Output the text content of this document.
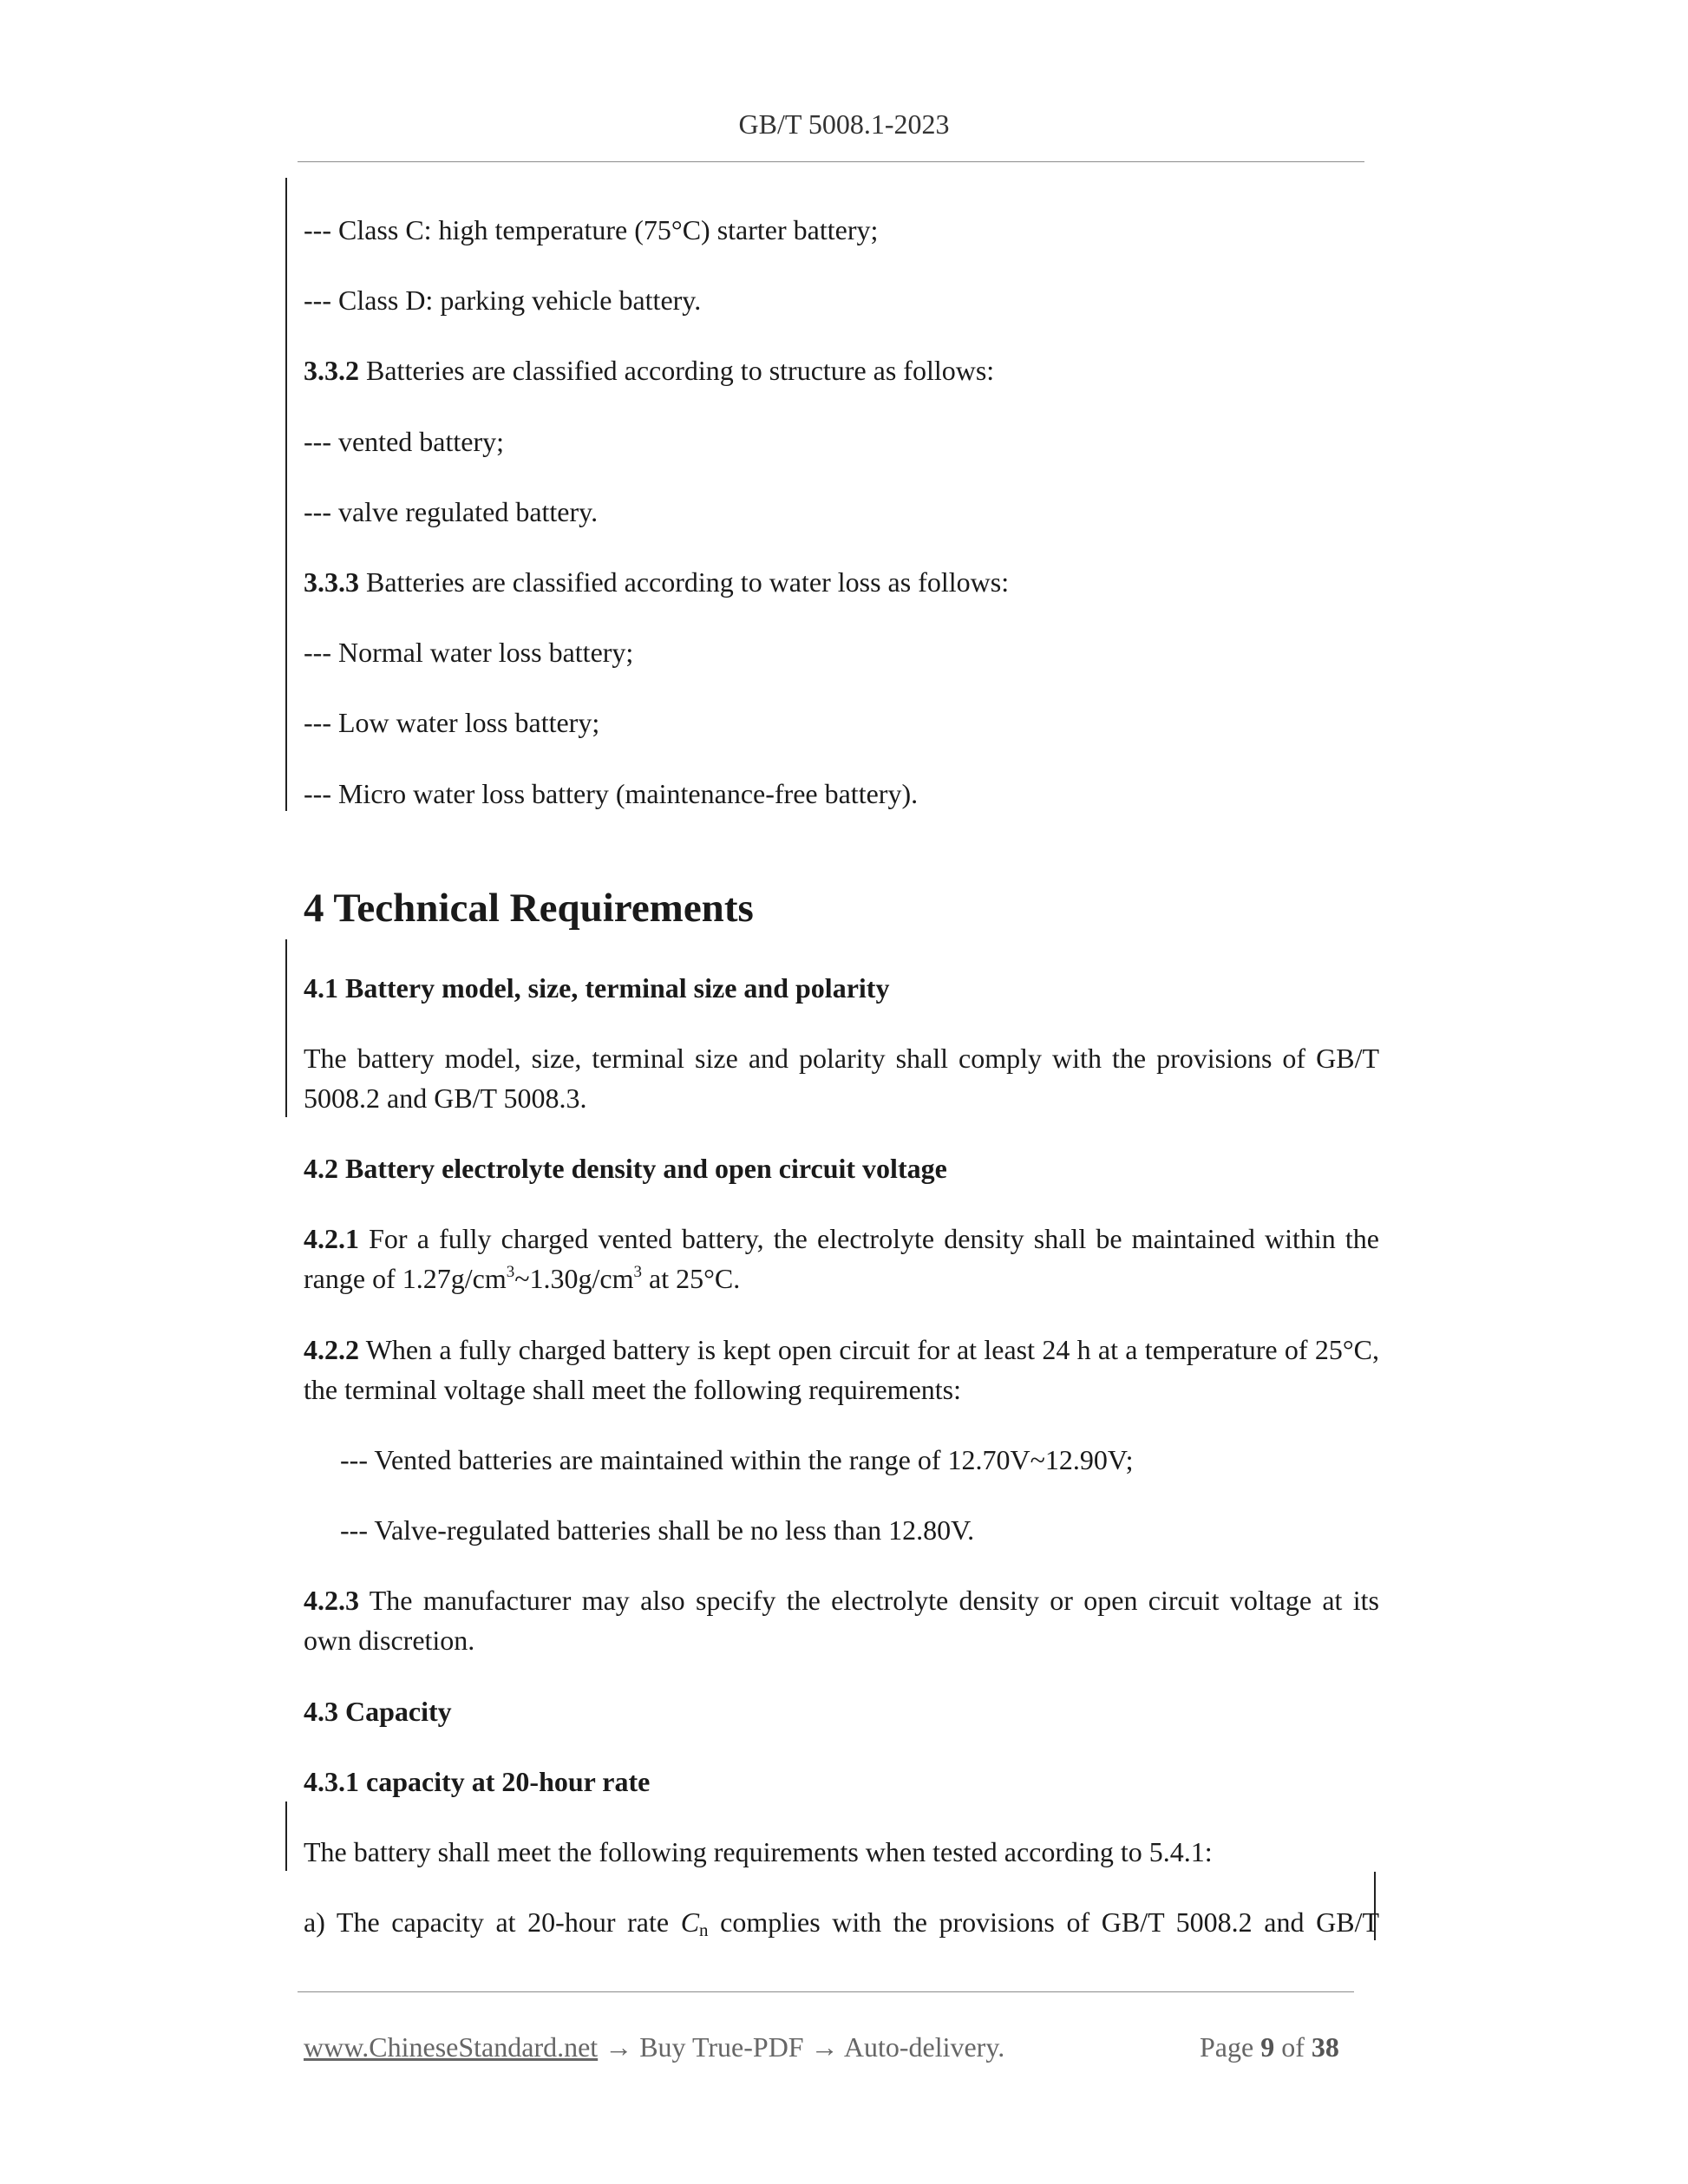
GB/T 5008.1-2023
--- Class C: high temperature (75°C) starter battery;
--- Class D: parking vehicle battery.
3.3.2 Batteries are classified according to structure as follows:
--- vented battery;
--- valve regulated battery.
3.3.3 Batteries are classified according to water loss as follows:
--- Normal water loss battery;
--- Low water loss battery;
--- Micro water loss battery (maintenance-free battery).
4 Technical Requirements
4.1 Battery model, size, terminal size and polarity
The battery model, size, terminal size and polarity shall comply with the provisions of GB/T 5008.2 and GB/T 5008.3.
4.2 Battery electrolyte density and open circuit voltage
4.2.1 For a fully charged vented battery, the electrolyte density shall be maintained within the range of $1.27g/cm^3\sim 1.30g/cm^3$ at 25°C.
4.2.2 When a fully charged battery is kept open circuit for at least 24 h at a temperature of 25°C, the terminal voltage shall meet the following requirements:
--- Vented batteries are maintained within the range of 12.70V~12.90V;
--- Valve-regulated batteries shall be no less than 12.80V.
4.2.3 The manufacturer may also specify the electrolyte density or open circuit voltage at its own discretion.
4.3 Capacity
4.3.1 capacity at 20-hour rate
The battery shall meet the following requirements when tested according to 5.4.1:
a) The capacity at 20-hour rate $C_n$ complies with the provisions of GB/T 5008.2 and GB/T
www.ChineseStandard.net → Buy True-PDF → Auto-delivery.	Page 9 of 38
